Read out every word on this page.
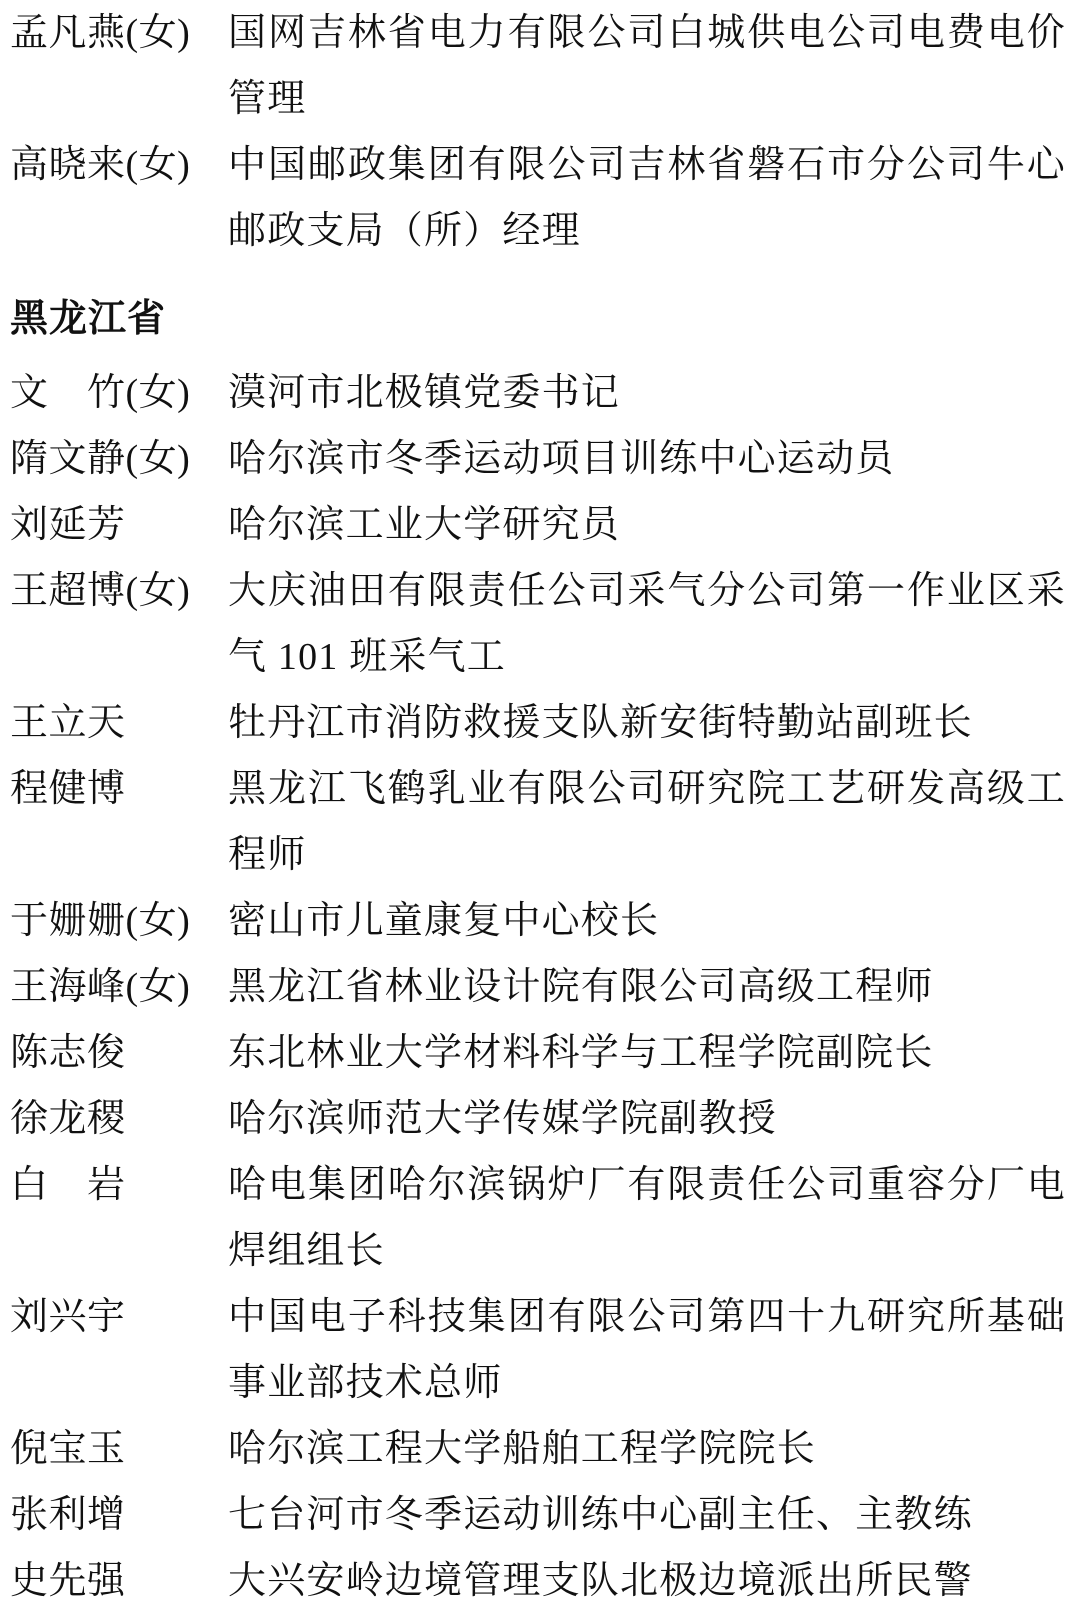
孟凡燕(女) 国网吉林省电力有限公司白城供电公司电费电价管理
高晓来(女) 中国邮政集团有限公司吉林省磐石市分公司牛心邮政支局（所）经理
黑龙江省
文　竹(女) 漠河市北极镇党委书记
隋文静(女) 哈尔滨市冬季运动项目训练中心运动员
刘延芳	哈尔滨工业大学研究员
王超博(女) 大庆油田有限责任公司采气分公司第一作业区采气 101 班采气工
王立天	牡丹江市消防救援支队新安街特勤站副班长
程健博	黑龙江飞鹤乳业有限公司研究院工艺研发高级工程师
于姗姗(女) 密山市儿童康复中心校长
王海峰(女) 黑龙江省林业设计院有限公司高级工程师
陈志俊	东北林业大学材料科学与工程学院副院长
徐龙稷	哈尔滨师范大学传媒学院副教授
白　岩	哈电集团哈尔滨锅炉厂有限责任公司重容分厂电焊组组长
刘兴宇	中国电子科技集团有限公司第四十九研究所基础事业部技术总师
倪宝玉	哈尔滨工程大学船舶工程学院院长
张利增	七台河市冬季运动训练中心副主任、主教练
史先强	大兴安岭边境管理支队北极边境派出所民警
